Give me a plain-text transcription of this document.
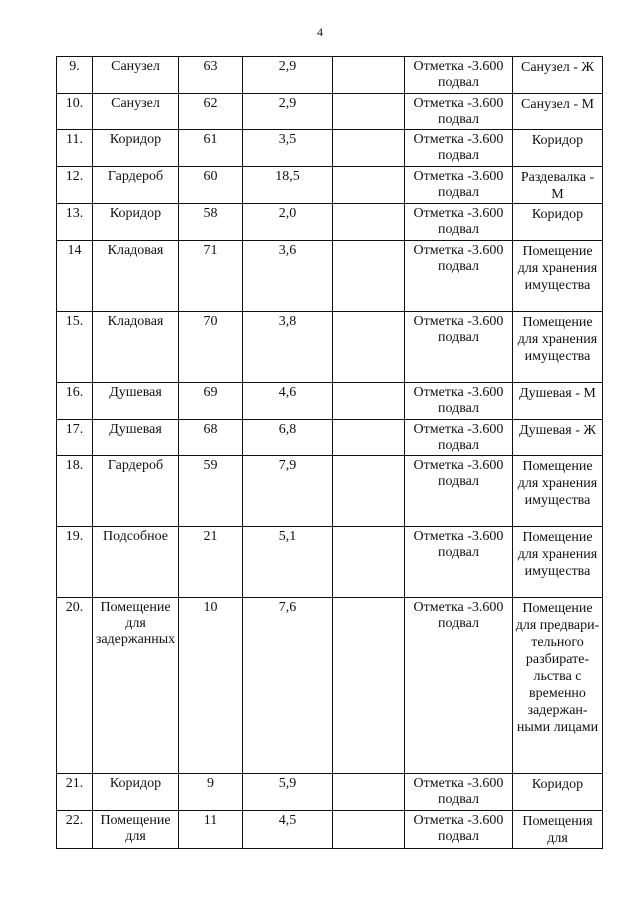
4
9.	Санузел	63	2,9		Отметка -3.600 подвал	Санузел - Ж
10.	Санузел	62	2,9		Отметка -3.600 подвал	Санузел - М
11.	Коридор	61	3,5		Отметка -3.600 подвал	Коридор
12.	Гардероб	60	18,5		Отметка -3.600 подвал	Раздевалка - М
13.	Коридор	58	2,0		Отметка -3.600 подвал	Коридор
14	Кладовая	71	3,6		Отметка -3.600 подвал	Помещение для хранения имущества
15.	Кладовая	70	3,8		Отметка -3.600 подвал	Помещение для хранения имущества
16.	Душевая	69	4,6		Отметка -3.600 подвал	Душевая - М
17.	Душевая	68	6,8		Отметка -3.600 подвал	Душевая - Ж
18.	Гардероб	59	7,9		Отметка -3.600 подвал	Помещение для хранения имущества
19.	Подсобное	21	5,1		Отметка -3.600 подвал	Помещение для хранения имущества
20.	Помещение для задержанных	10	7,6		Отметка -3.600 подвал	Помещение для предвари- тельного разбирате- льства с временно задержан- ными лицами
21.	Коридор	9	5,9		Отметка -3.600 подвал	Коридор
22.	Помещение для	11	4,5		Отметка -3.600 подвал	Помещения для
